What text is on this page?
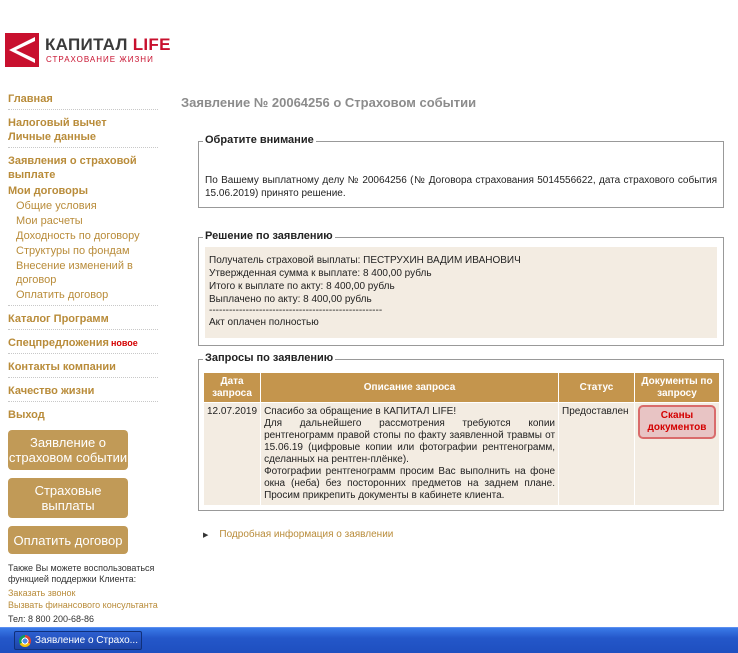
КАПИТАЛ LIFE
СТРАХОВАНИЕ ЖИЗНИ
Главная
Налоговый вычет
Личные данные
Заявления о страховой выплате
Мои договоры
Общие условия
Мои расчеты
Доходность по договору
Структуры по фондам
Внесение изменений в договор
Оплатить договор
Каталог Программ
Спецпредложения новое
Контакты компании
Качество жизни
Выход
Заявление о страховом событии
Страховые выплаты
Оплатить договор
Также Вы можете воспользоваться функцией поддержки Клиента:
Заказать звонок
Вызвать финансового консультанта
Тел: 8 800 200-68-86
Заявление № 20064256 о Страховом событии
Обратите внимание
По Вашему выплатному делу № 20064256 (№ Договора страхования 5014556622, дата страхового события 15.06.2019) принято решение.
Решение по заявлению
Получатель страховой выплаты: ПЕСТРУХИН ВАДИМ ИВАНОВИЧ
Утвержденная сумма к выплате: 8 400,00 рубль
Итого к выплате по акту: 8 400,00 рубль
Выплачено по акту: 8 400,00 рубль
----------------------------------------------------
Акт оплачен полностью
Запросы по заявлению
Дата запроса	Описание запроса	Статус	Документы по запросу
12.07.2019	Спасибо за обращение в КАПИТАЛ LIFE!
Для дальнейшего рассмотрения требуются копии рентгенограмм правой стопы по факту заявленной травмы от 15.06.19 (цифровые копии или фотографии рентгенограмм, сделанных на рентген-плёнке).
Фотографии рентгенограмм просим Вас выполнить на фоне окна (неба) без посторонних предметов на заднем плане. Просим прикрепить документы в кабинете клиента.	Предоставлен	Сканы документов
▶ Подробная информация о заявлении
Заявление о Страхо...
